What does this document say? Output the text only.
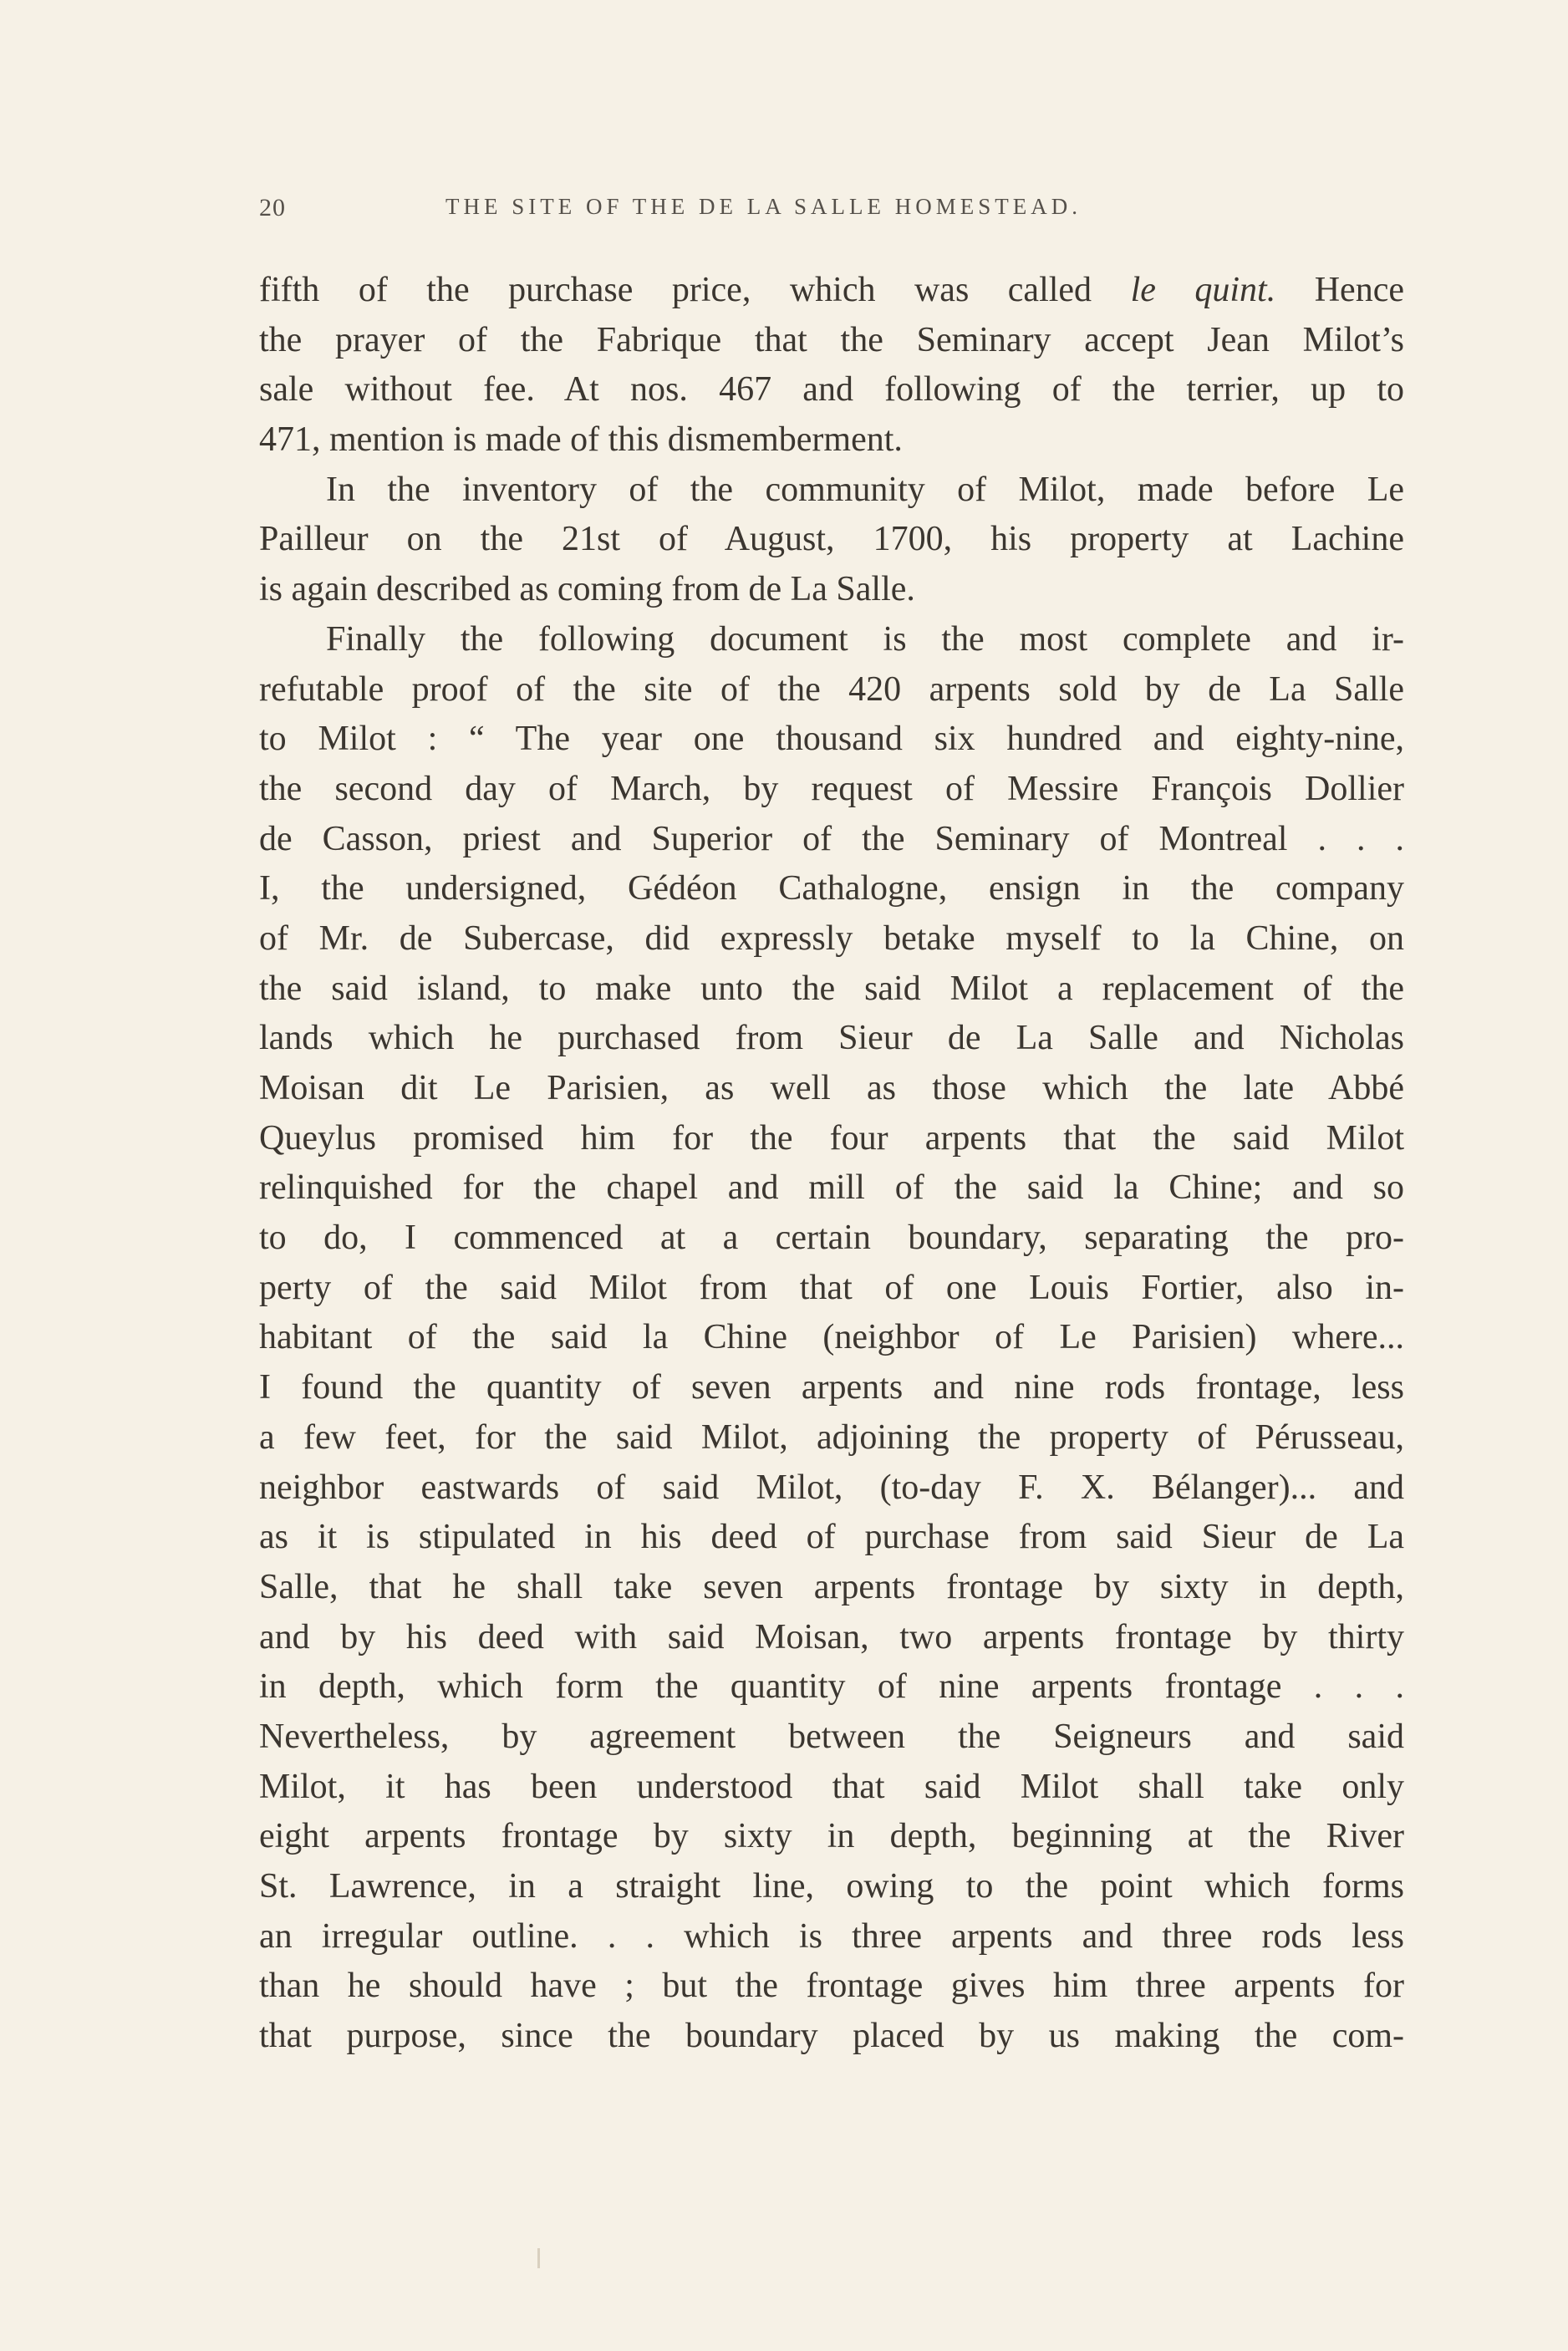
20	THE SITE OF THE DE LA SALLE HOMESTEAD.
fifth of the purchase price, which was called le quint. Hence
the prayer of the Fabrique that the Seminary accept Jean Milot’s
sale without fee. At nos. 467 and following of the terrier, up to
471, mention is made of this dismemberment.
In the inventory of the community of Milot, made before Le
Pailleur on the 21st of August, 1700, his property at Lachine
is again described as coming from de La Salle.
Finally the following document is the most complete and ir-
refutable proof of the site of the 420 arpents sold by de La Salle
to Milot : “ The year one thousand six hundred and eighty-nine,
the second day of March, by request of Messire François Dollier
de Casson, priest and Superior of the Seminary of Montreal . . .
I, the undersigned, Gédéon Cathalogne, ensign in the company
of Mr. de Subercase, did expressly betake myself to la Chine, on
the said island, to make unto the said Milot a replacement of the
lands which he purchased from Sieur de La Salle and Nicholas
Moisan dit Le Parisien, as well as those which the late Abbé
Queylus promised him for the four arpents that the said Milot
relinquished for the chapel and mill of the said la Chine; and so
to do, I commenced at a certain boundary, separating the pro-
perty of the said Milot from that of one Louis Fortier, also in-
habitant of the said la Chine (neighbor of Le Parisien) where...
I found the quantity of seven arpents and nine rods frontage, less
a few feet, for the said Milot, adjoining the property of Pérusseau,
neighbor eastwards of said Milot, (to-day F. X. Bélanger)... and
as it is stipulated in his deed of purchase from said Sieur de La
Salle, that he shall take seven arpents frontage by sixty in depth,
and by his deed with said Moisan, two arpents frontage by thirty
in depth, which form the quantity of nine arpents frontage . . .
Nevertheless, by agreement between the Seigneurs and said
Milot, it has been understood that said Milot shall take only
eight arpents frontage by sixty in depth, beginning at the River
St. Lawrence, in a straight line, owing to the point which forms
an irregular outline. . . which is three arpents and three rods less
than he should have ; but the frontage gives him three arpents for
that purpose, since the boundary placed by us making the com-
